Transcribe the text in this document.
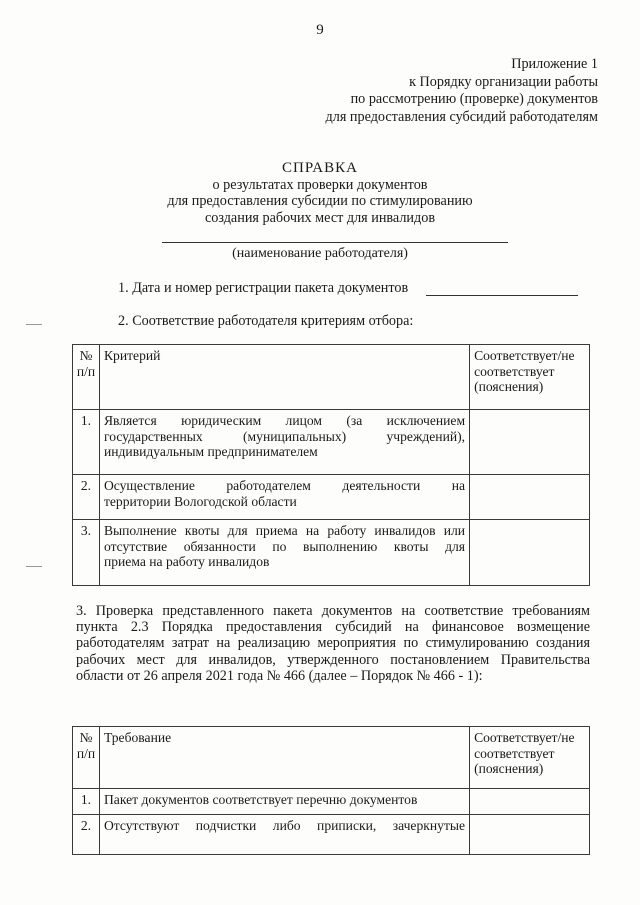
9
Приложение 1
к Порядку организации работы
по рассмотрению (проверке) документов
для предоставления субсидий работодателям
СПРАВКА
о результатах проверки документов
для предоставления субсидии по стимулированию
создания рабочих мест для инвалидов
(наименование работодателя)
1. Дата и номер регистрации пакета документов
2. Соответствие работодателя критериям отбора:
№ п/п	Критерий	Соответствует/не соответствует (пояснения)
1.	Является юридическим лицом (за исключением государственных (муниципальных) учреждений),
индивидуальным предпринимателем	

2.	Осуществление работодателем деятельности на
территории Вологодской области	

3.	Выполнение квоты для приема на работу инвалидов или отсутствие обязанности по выполнению квоты для
приема на работу инвалидов	

3. Проверка представленного пакета документов на соответствие требованиям пункта 2.3 Порядка предоставления субсидий на финансовое возмещение работодателям затрат на реализацию мероприятия по стимулированию создания рабочих мест для инвалидов, утвержденного постановлением Правительства области от 26 апреля 2021 года № 466 (далее – Порядок № 466 - 1):
№ п/п	Требование	Соответствует/не соответствует (пояснения)
1.	Пакет документов соответствует перечню документов	
2.	Отсутствуют подчистки либо приписки, зачеркнутые	
